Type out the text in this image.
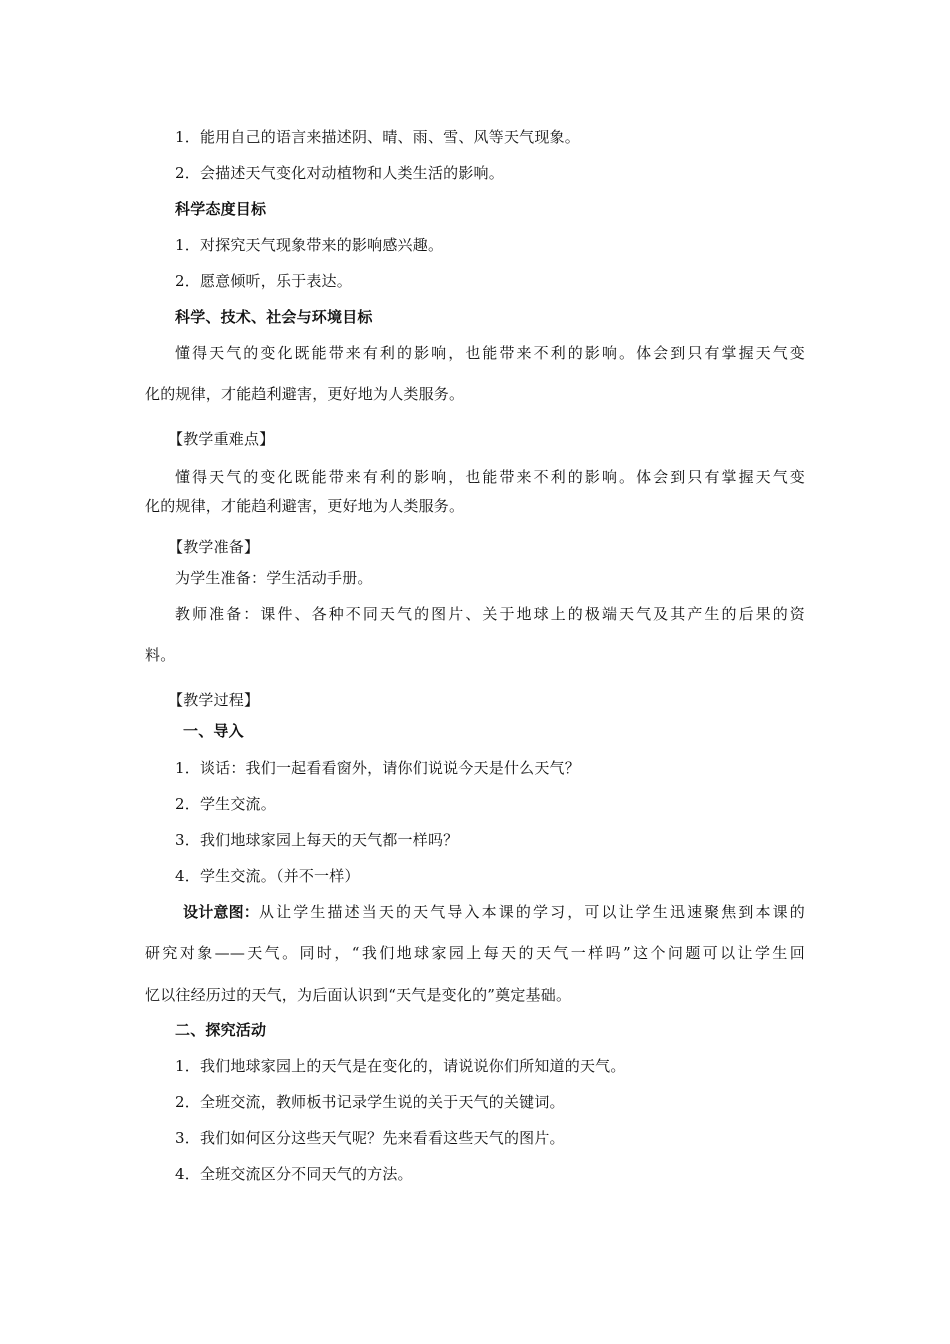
1．能用自己的语言来描述阴、晴、雨、雪、风等天气现象。
2．会描述天气变化对动植物和人类生活的影响。
科学态度目标
1．对探究天气现象带来的影响感兴趣。
2．愿意倾听，乐于表达。
科学、技术、社会与环境目标
懂得天气的变化既能带来有利的影响，也能带来不利的影响。体会到只有掌握天气变
化的规律，才能趋利避害，更好地为人类服务。
【教学重难点】
懂得天气的变化既能带来有利的影响，也能带来不利的影响。体会到只有掌握天气变
化的规律，才能趋利避害，更好地为人类服务。
【教学准备】
为学生准备：学生活动手册。
教师准备：课件、各种不同天气的图片、关于地球上的极端天气及其产生的后果的资
料。
【教学过程】
一、导入
1．谈话：我们一起看看窗外，请你们说说今天是什么天气？
2．学生交流。
3．我们地球家园上每天的天气都一样吗？
4．学生交流。（并不一样）
设计意图： 从让学生描述当天的天气导入本课的学习，可以让学生迅速聚焦到本课的
研究对象——天气。同时，“我们地球家园上每天的天气一样吗”这个问题可以让学生回
忆以往经历过的天气，为后面认识到“天气是变化的”奠定基础。
二、探究活动
1．我们地球家园上的天气是在变化的，请说说你们所知道的天气。
2．全班交流，教师板书记录学生说的关于天气的关键词。
3．我们如何区分这些天气呢？先来看看这些天气的图片。
4．全班交流区分不同天气的方法。
